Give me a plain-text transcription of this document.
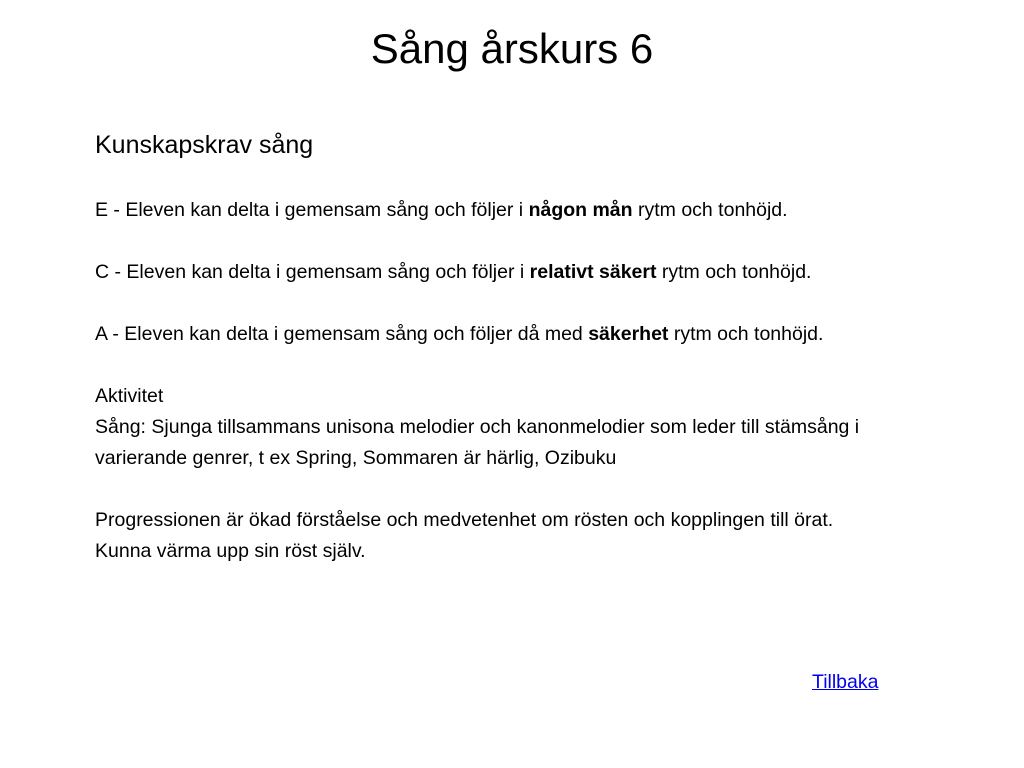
Sång årskurs 6

Kunskapskrav sång

E - Eleven kan delta i gemensam sång och följer i någon mån rytm och tonhöjd.

C - Eleven kan delta i gemensam sång och följer i relativt säkert rytm och tonhöjd.

A - Eleven kan delta i gemensam sång och följer då med säkerhet rytm och tonhöjd.

Aktivitet

Sång: Sjunga tillsammans unisona melodier och kanonmelodier som leder till stämsång i varierande genrer, t ex Spring, Sommaren är härlig, Ozibuku

Progressionen är ökad förståelse och medvetenhet om rösten och kopplingen till örat.

Kunna värma upp sin röst själv.

Tillbaka
